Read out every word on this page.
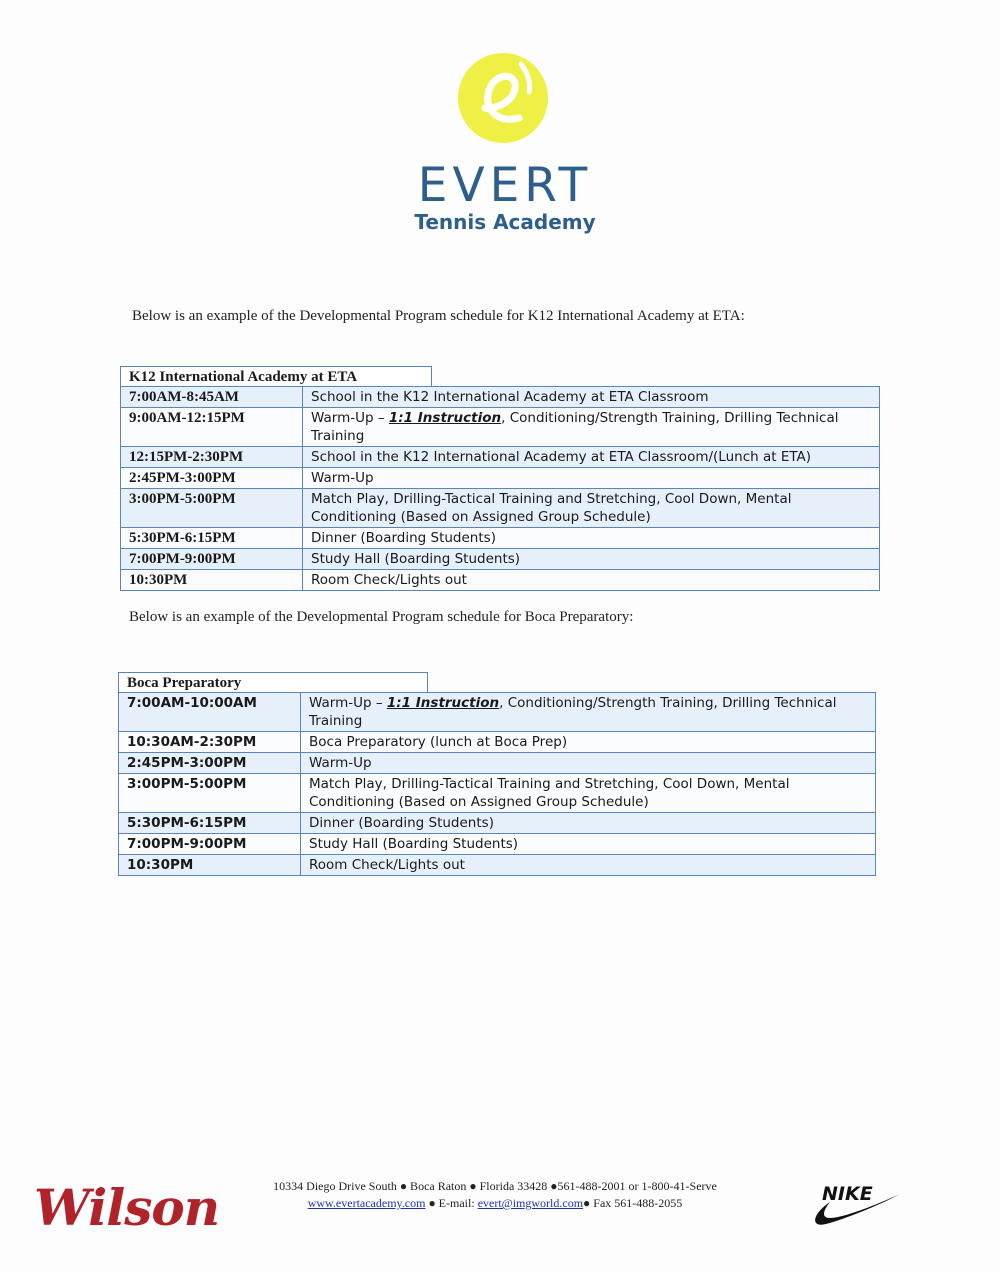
EVERT
Tennis Academy
Below is an example of the Developmental Program schedule for K12 International Academy at ETA:
K12 International Academy at ETA
7:00AM-8:45AM	School in the K12 International Academy at ETA Classroom
9:00AM-12:15PM	Warm-Up – 1:1 Instruction, Conditioning/Strength Training, Drilling Technical Training
12:15PM-2:30PM	School in the K12 International Academy at ETA Classroom/(Lunch at ETA)
2:45PM-3:00PM	Warm-Up
3:00PM-5:00PM	Match Play, Drilling-Tactical Training and Stretching, Cool Down, Mental Conditioning (Based on Assigned Group Schedule)
5:30PM-6:15PM	Dinner (Boarding Students)
7:00PM-9:00PM	Study Hall (Boarding Students)
10:30PM	Room Check/Lights out
Below is an example of the Developmental Program schedule for Boca Preparatory:
Boca Preparatory
7:00AM-10:00AM	Warm-Up – 1:1 Instruction, Conditioning/Strength Training, Drilling Technical Training
10:30AM-2:30PM	Boca Preparatory (lunch at Boca Prep)
2:45PM-3:00PM	Warm-Up
3:00PM-5:00PM	Match Play, Drilling-Tactical Training and Stretching, Cool Down, Mental Conditioning (Based on Assigned Group Schedule)
5:30PM-6:15PM	Dinner (Boarding Students)
7:00PM-9:00PM	Study Hall (Boarding Students)
10:30PM	Room Check/Lights out
Wilson	10334 Diego Drive South ● Boca Raton ● Florida 33428 ●561-488-2001 or 1-800-41-Serve
www.evertacademy.com ● E-mail: evert@imgworld.com● Fax 561-488-2055	NIKE
